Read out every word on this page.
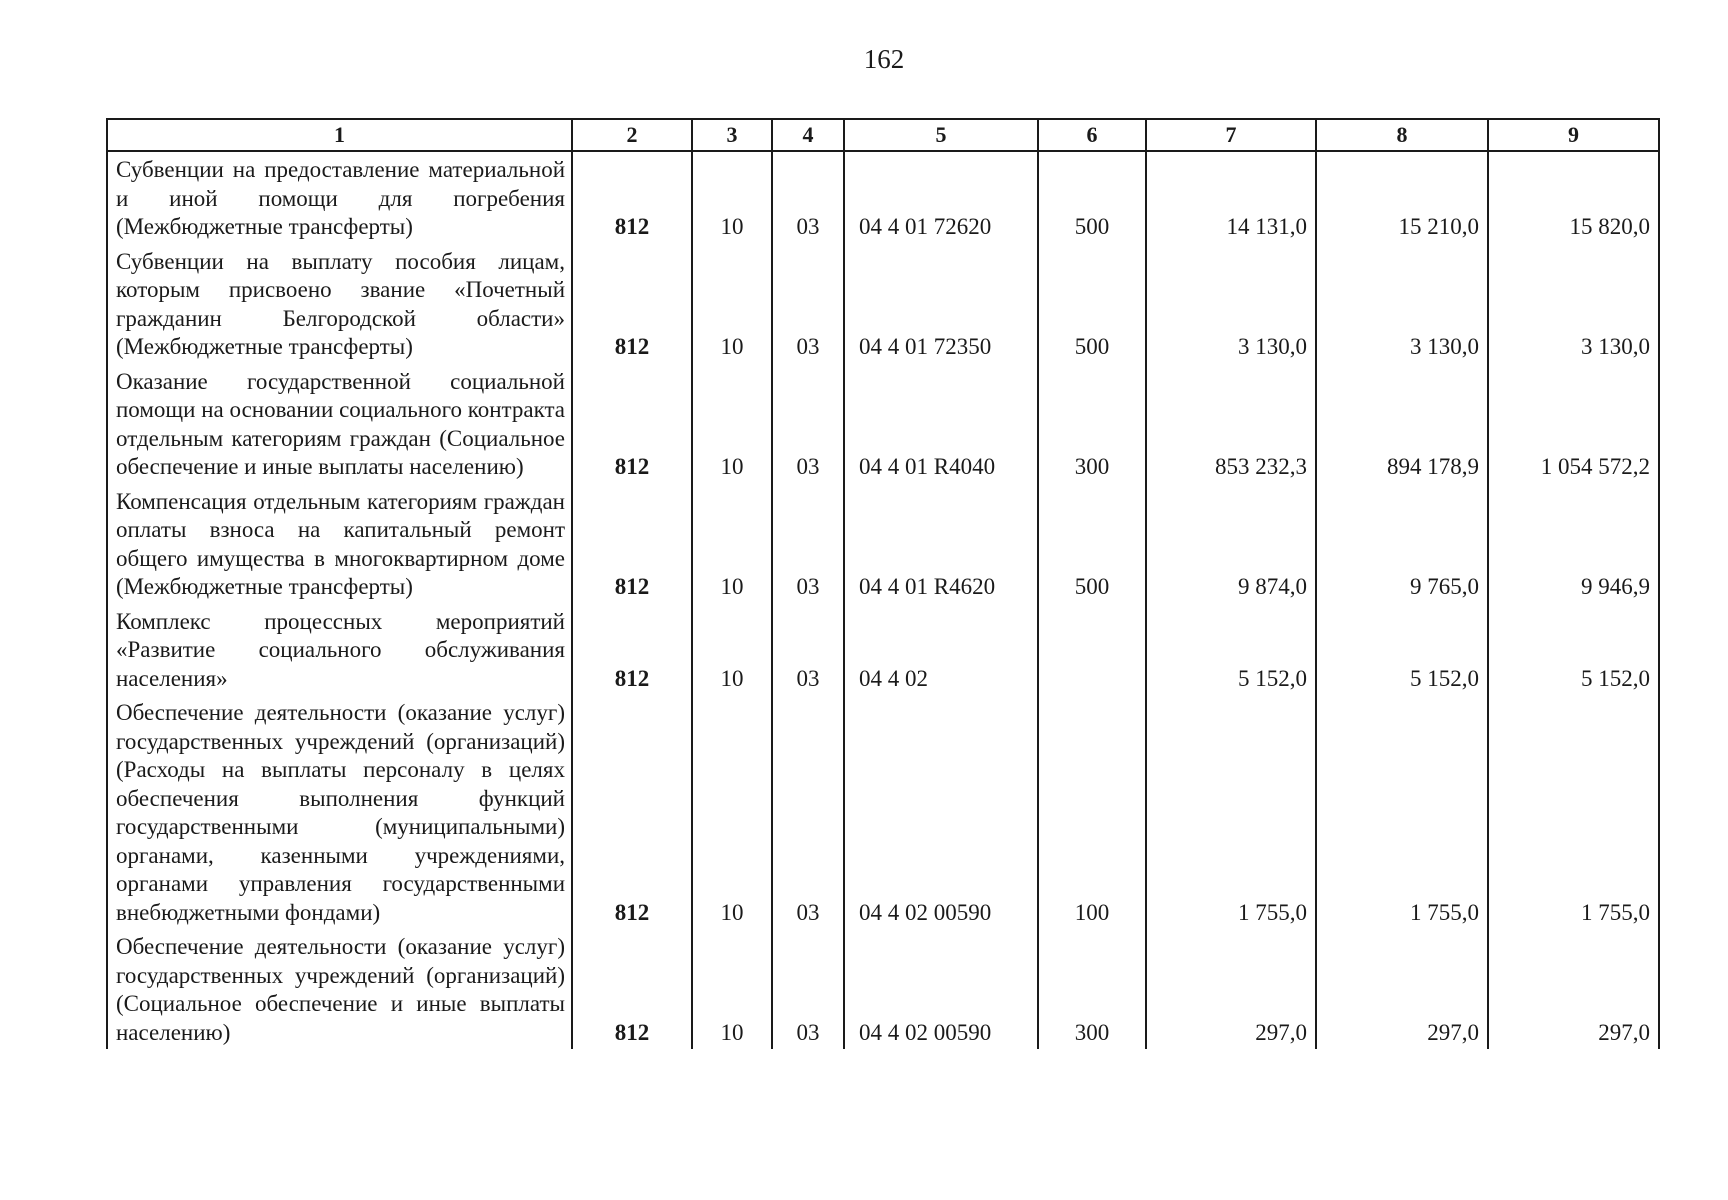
162
1	2	3	4	5	6	7	8	9
Субвенции на предоставление материальной и иной помощи для погребения (Межбюджетные трансферты)	812	10	03	04 4 01 72620	500	14 131,0	15 210,0	15 820,0
Субвенции на выплату пособия лицам, которым присвоено звание «Почетный гражданин Белгородской области» (Межбюджетные трансферты)	812	10	03	04 4 01 72350	500	3 130,0	3 130,0	3 130,0
Оказание государственной социальной помощи на основании социального контракта отдельным категориям граждан (Социальное обеспечение и иные выплаты населению)	812	10	03	04 4 01 R4040	300	853 232,3	894 178,9	1 054 572,2
Компенсация отдельным категориям граждан оплаты взноса на капитальный ремонт общего имущества в многоквартирном доме (Межбюджетные трансферты)	812	10	03	04 4 01 R4620	500	9 874,0	9 765,0	9 946,9
Комплекс процессных мероприятий «Развитие социального обслуживания населения»	812	10	03	04 4 02		5 152,0	5 152,0	5 152,0
Обеспечение деятельности (оказание услуг) государственных учреждений (организаций) (Расходы на выплаты персоналу в целях обеспечения выполнения функций государственными (муниципальными) органами, казенными учреждениями, органами управления государственными внебюджетными фондами)	812	10	03	04 4 02 00590	100	1 755,0	1 755,0	1 755,0
Обеспечение деятельности (оказание услуг) государственных учреждений (организаций) (Социальное обеспечение и иные выплаты населению)	812	10	03	04 4 02 00590	300	297,0	297,0	297,0
